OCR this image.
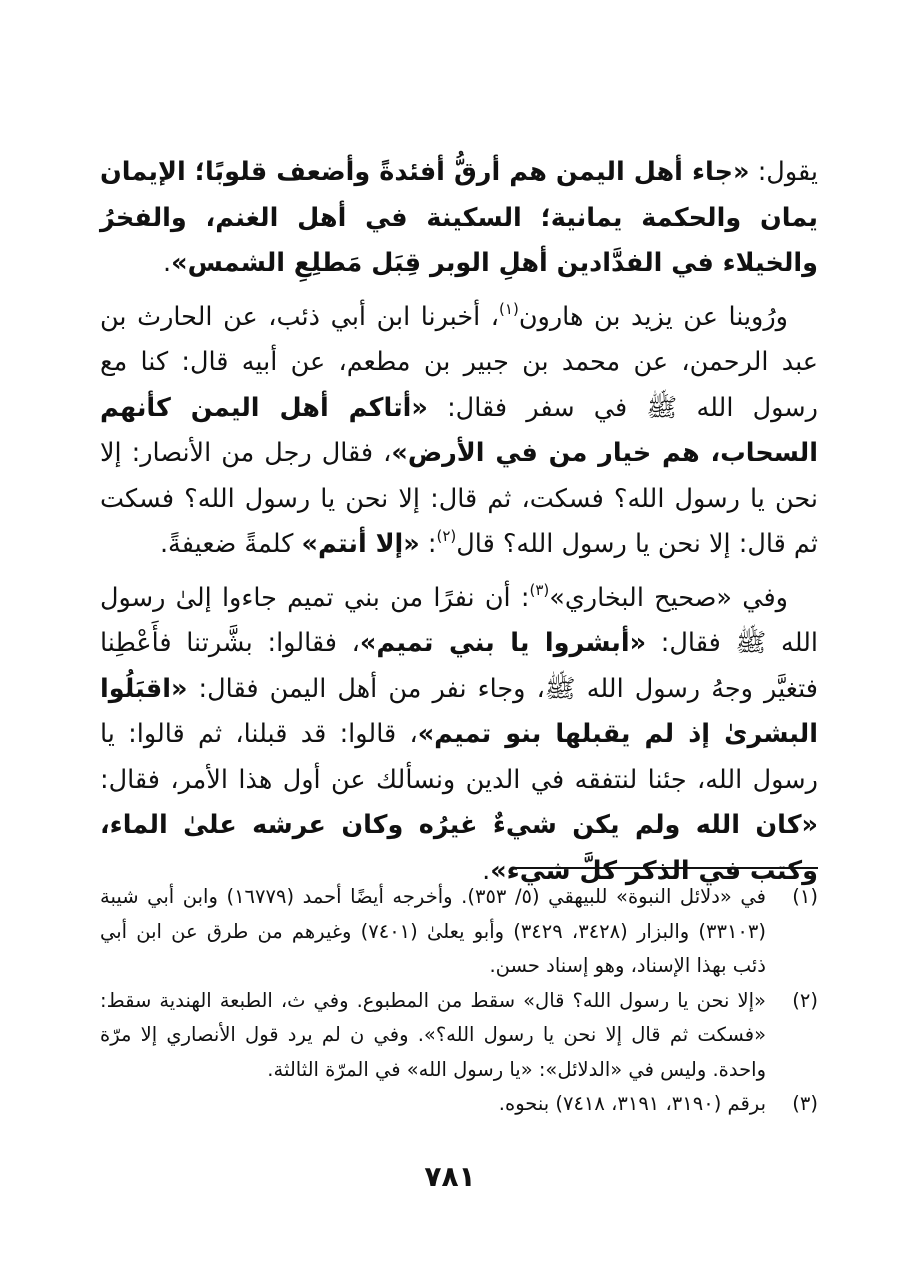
يقول: «جاء أهل اليمن هم أرقُّ أفئدةً وأضعف قلوبًا؛ الإيمان يمان والحكمة يمانية؛ السكينة في أهل الغنم، والفخرُ والخيلاء في الفدَّادين أهلِ الوبر قِبَل مَطلِعِ الشمس».

ورُوينا عن يزيد بن هارون$^{(١)}$، أخبرنا ابن أبي ذئب، عن الحارث بن عبد الرحمن، عن محمد بن جبير بن مطعم، عن أبيه قال: كنا مع رسول الله ﷺ في سفر فقال: «أتاكم أهل اليمن كأنهم السحاب، هم خيار من في الأرض»، فقال رجل من الأنصار: إلا نحن يا رسول الله؟ فسكت، ثم قال: إلا نحن يا رسول الله؟ فسكت ثم قال: إلا نحن يا رسول الله؟ قال$^{(٢)}$: «إلا أنتم» كلمةً ضعيفةً.

وفي «صحيح البخاري»$^{(٣)}$: أن نفرًا من بني تميم جاءوا إلىٰ رسول الله ﷺ فقال: «أبشروا يا بني تميم»، فقالوا: بشَّرتنا فأَعْطِنا فتغيَّر وجهُ رسول الله ﷺ، وجاء نفر من أهل اليمن فقال: «اقبَلُوا البشرىٰ إذ لم يقبلها بنو تميم»، قالوا: قد قبلنا، ثم قالوا: يا رسول الله، جئنا لنتفقه في الدين ونسألك عن أول هذا الأمر، فقال: «كان الله ولم يكن شيءٌ غيرُه وكان عرشه علىٰ الماء، وكتب في الذكر كلَّ شيء».

(١)
في «دلائل النبوة» للبيهقي (٥/ ٣٥٣). وأخرجه أيضًا أحمد (١٦٧٧٩) وابن أبي شيبة (٣٣١٠٣) والبزار (٣٤٢٨، ٣٤٢٩) وأبو يعلىٰ (٧٤٠١) وغيرهم من طرق عن ابن أبي ذئب بهذا الإسناد، وهو إسناد حسن.
(٢)
«إلا نحن يا رسول الله؟ قال» سقط من المطبوع. وفي ث، الطبعة الهندية سقط: «فسكت ثم قال إلا نحن يا رسول الله؟». وفي ن لم يرد قول الأنصاري إلا مرّة واحدة. وليس في «الدلائل»: «يا رسول الله» في المرّة الثالثة.
(٣)
برقم (٣١٩٠، ٣١٩١، ٧٤١٨) بنحوه.
٧٨١
